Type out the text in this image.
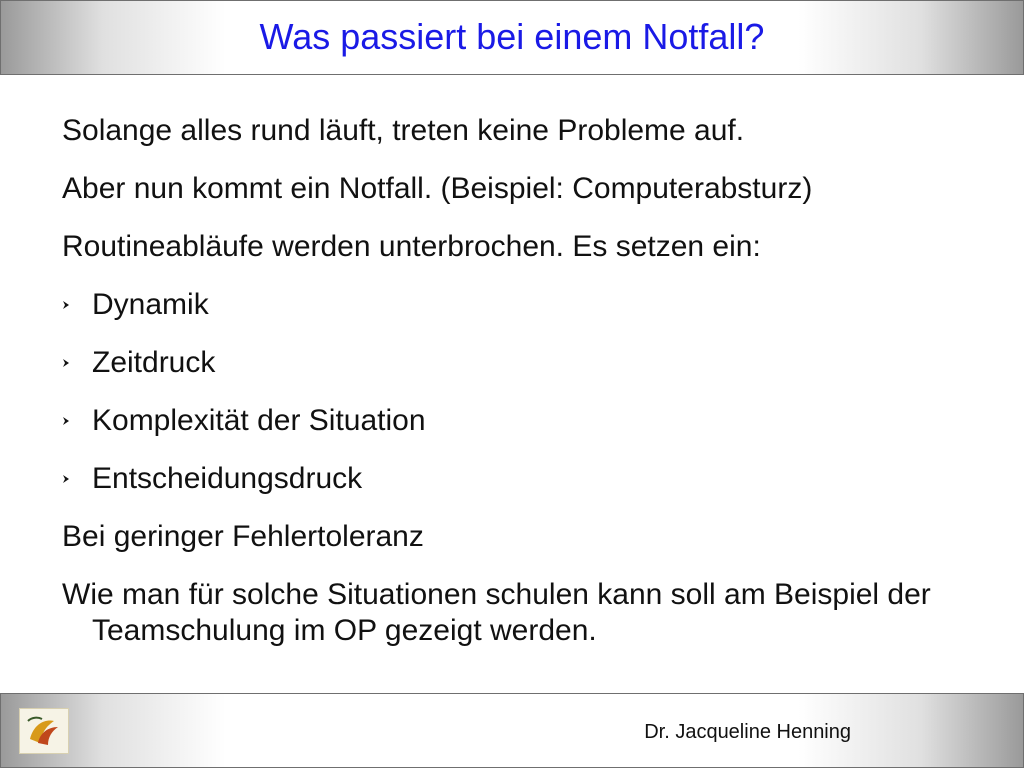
Was passiert bei einem Notfall?
Solange alles rund läuft, treten keine Probleme auf.
Aber nun kommt ein Notfall. (Beispiel: Computerabsturz)
Routineabläufe werden unterbrochen. Es setzen ein:
Dynamik
Zeitdruck
Komplexität der Situation
Entscheidungsdruck
Bei geringer Fehlertoleranz
Wie man für solche Situationen schulen kann soll am Beispiel der Teamschulung im OP gezeigt werden.
Dr. Jacqueline Henning
